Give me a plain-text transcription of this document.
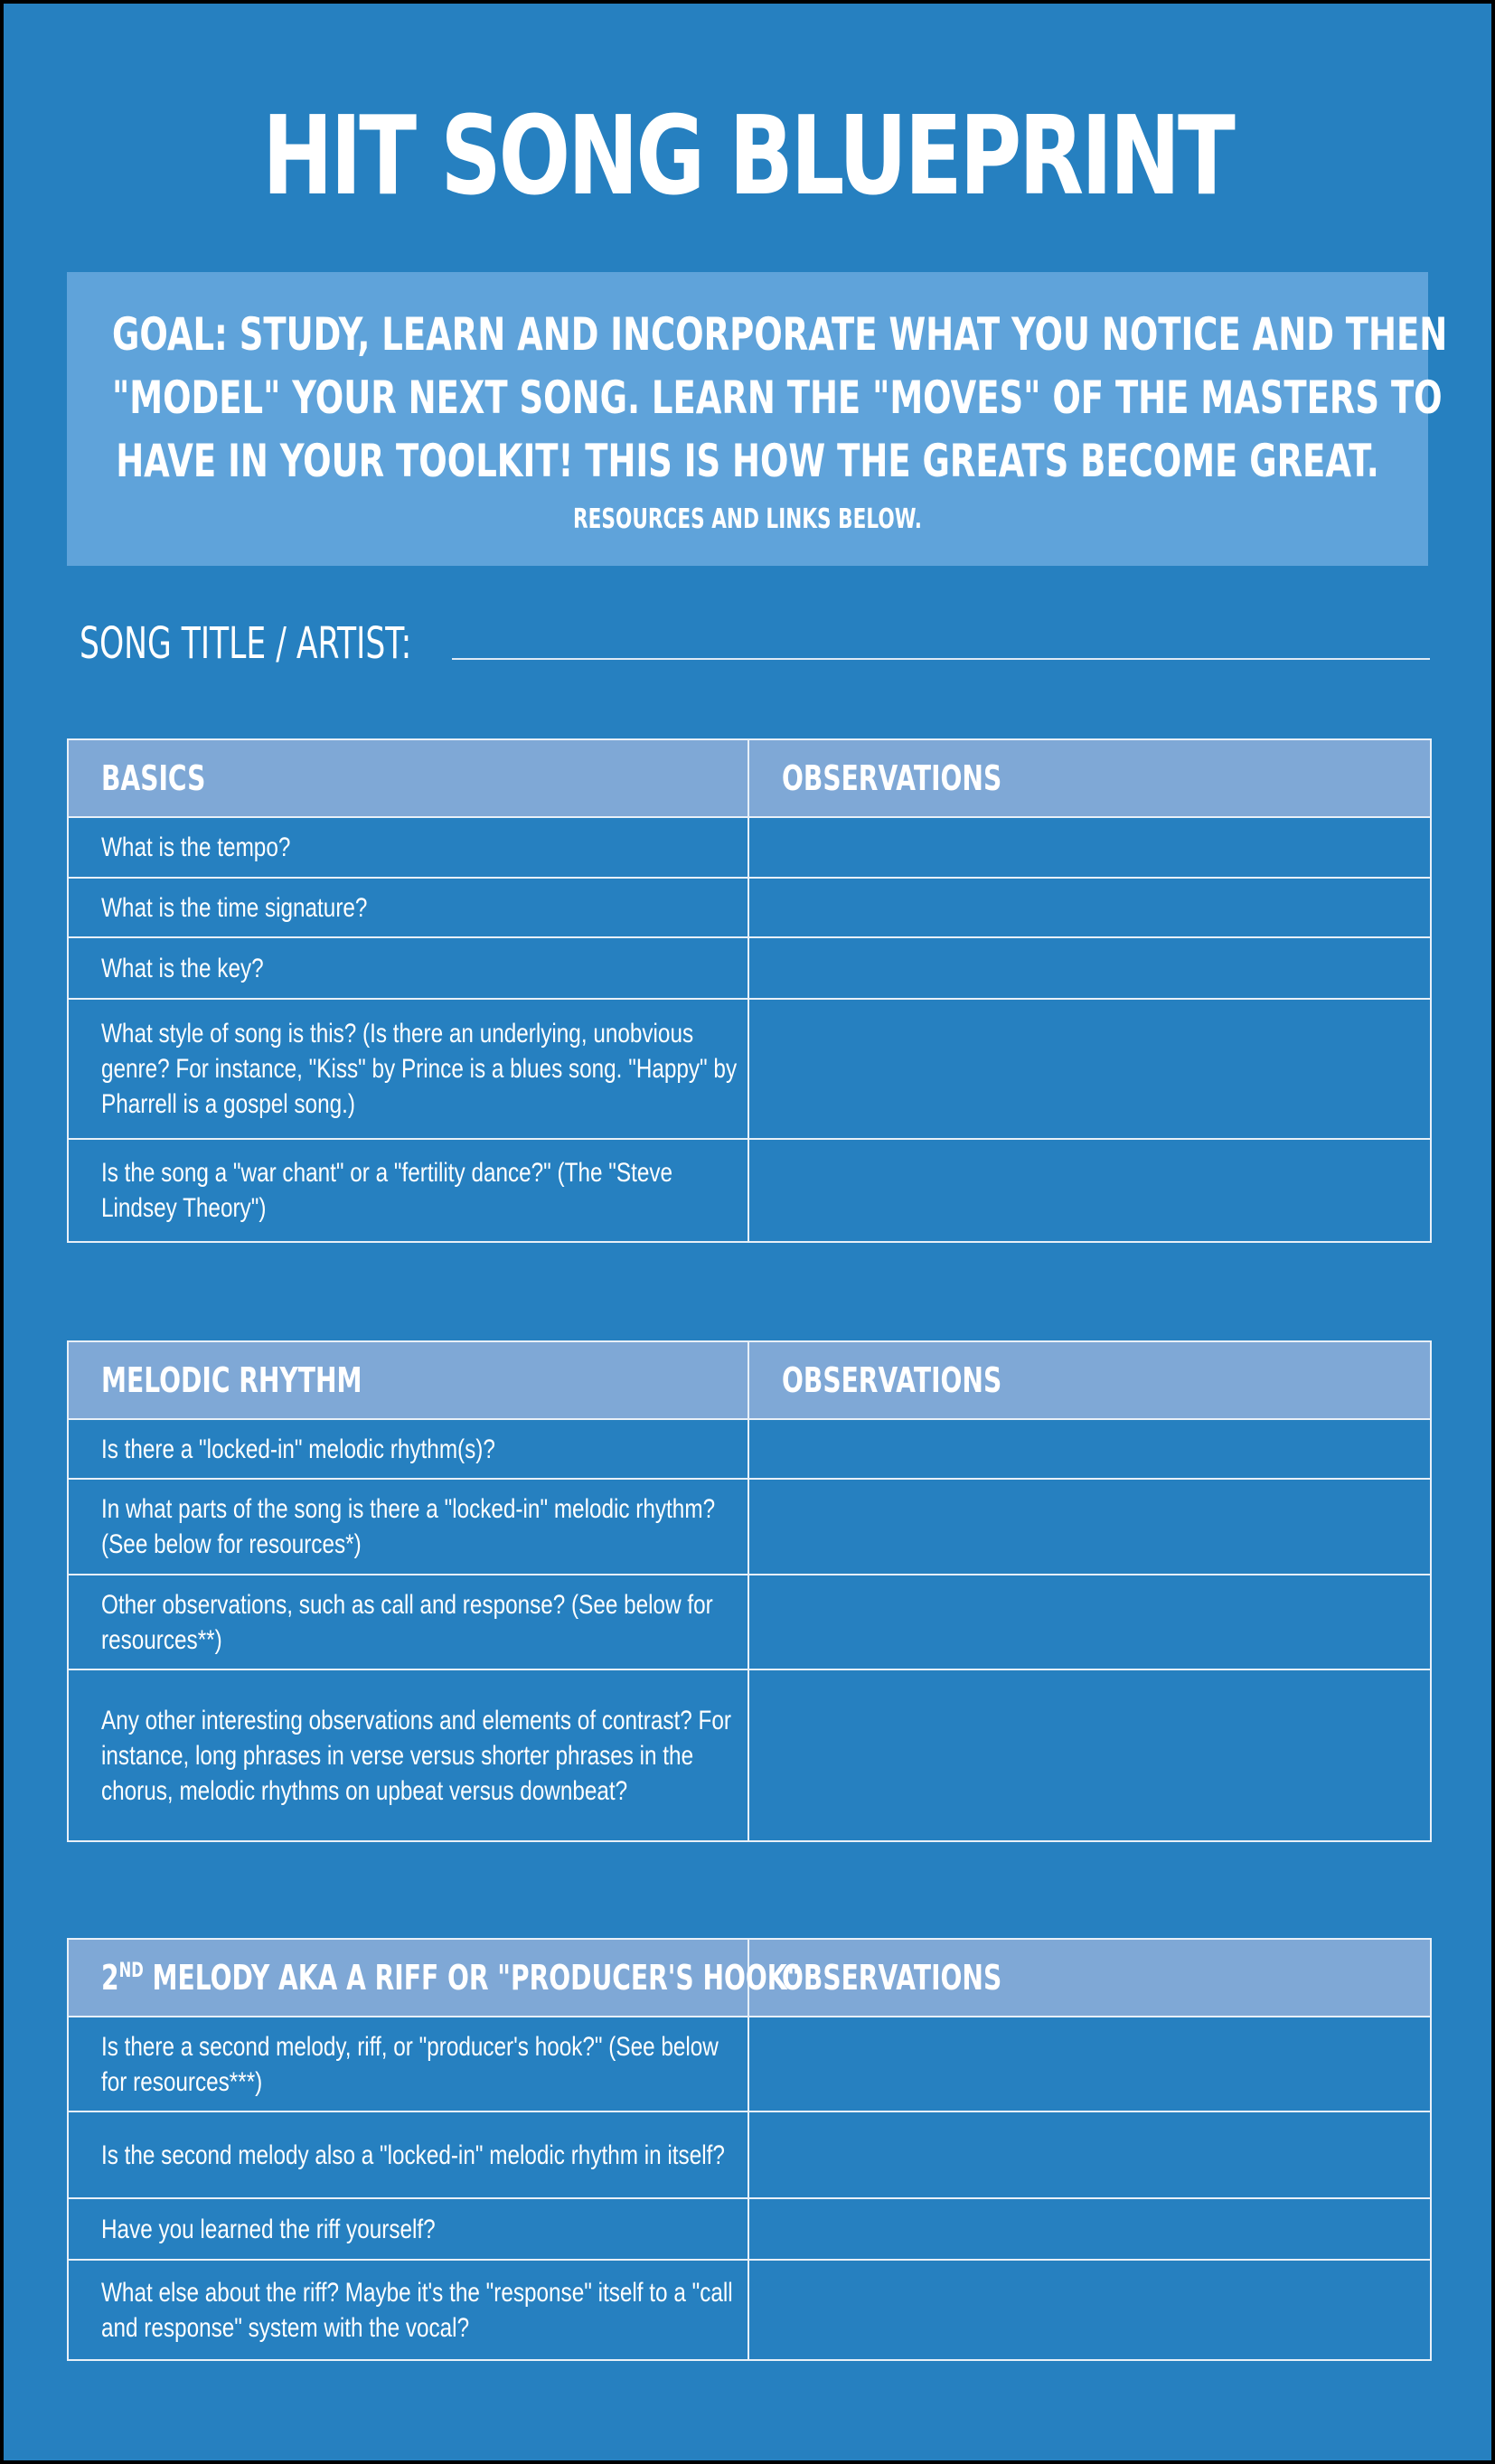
HIT SONG BLUEPRINT
GOAL: STUDY, LEARN AND INCORPORATE WHAT YOU NOTICE AND THEN
"MODEL" YOUR NEXT SONG. LEARN THE "MOVES" OF THE MASTERS TO
HAVE IN YOUR TOOLKIT! THIS IS HOW THE GREATS BECOME GREAT.
RESOURCES AND LINKS BELOW.
SONG TITLE / ARTIST:
BASICS	OBSERVATIONS
What is the tempo?	
What is the time signature?	
What is the key?	
What style of song is this? (Is there an underlying, unobvious genre? For instance, "Kiss" by Prince is a blues song. "Happy" by Pharrell is a gospel song.)	
Is the song a "war chant" or a "fertility dance?" (The "Steve Lindsey Theory")	
MELODIC RHYTHM	OBSERVATIONS
Is there a "locked-in" melodic rhythm(s)?	
In what parts of the song is there a "locked-in" melodic rhythm? (See below for resources*)	
Other observations, such as call and response? (See below for resources**)	
Any other interesting observations and elements of contrast? For instance, long phrases in verse versus shorter phrases in the chorus, melodic rhythms on upbeat versus downbeat?	
2ND MELODY AKA A RIFF OR "PRODUCER'S HOOK"	OBSERVATIONS
Is there a second melody, riff, or "producer's hook?" (See below for resources***)	
Is the second melody also a "locked-in" melodic rhythm in itself?	
Have you learned the riff yourself?	
What else about the riff? Maybe it's the "response" itself to a "call and response" system with the vocal?	
